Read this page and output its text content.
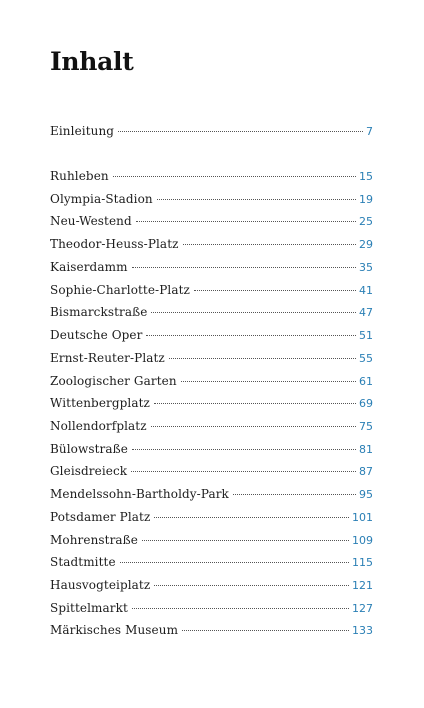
Inhalt
Einleitung	7
Ruhleben	15
Olympia-Stadion	19
Neu-Westend	25
Theodor-Heuss-Platz	29
Kaiserdamm	35
Sophie-Charlotte-Platz	41
Bismarckstraße	47
Deutsche Oper	51
Ernst-Reuter-Platz	55
Zoologischer Garten	61
Wittenbergplatz	69
Nollendorfplatz	75
Bülowstraße	81
Gleisdreieck	87
Mendelssohn-Bartholdy-Park	95
Potsdamer Platz	101
Mohrenstraße	109
Stadtmitte	115
Hausvogteiplatz	121
Spittelmarkt	127
Märkisches Museum	133
